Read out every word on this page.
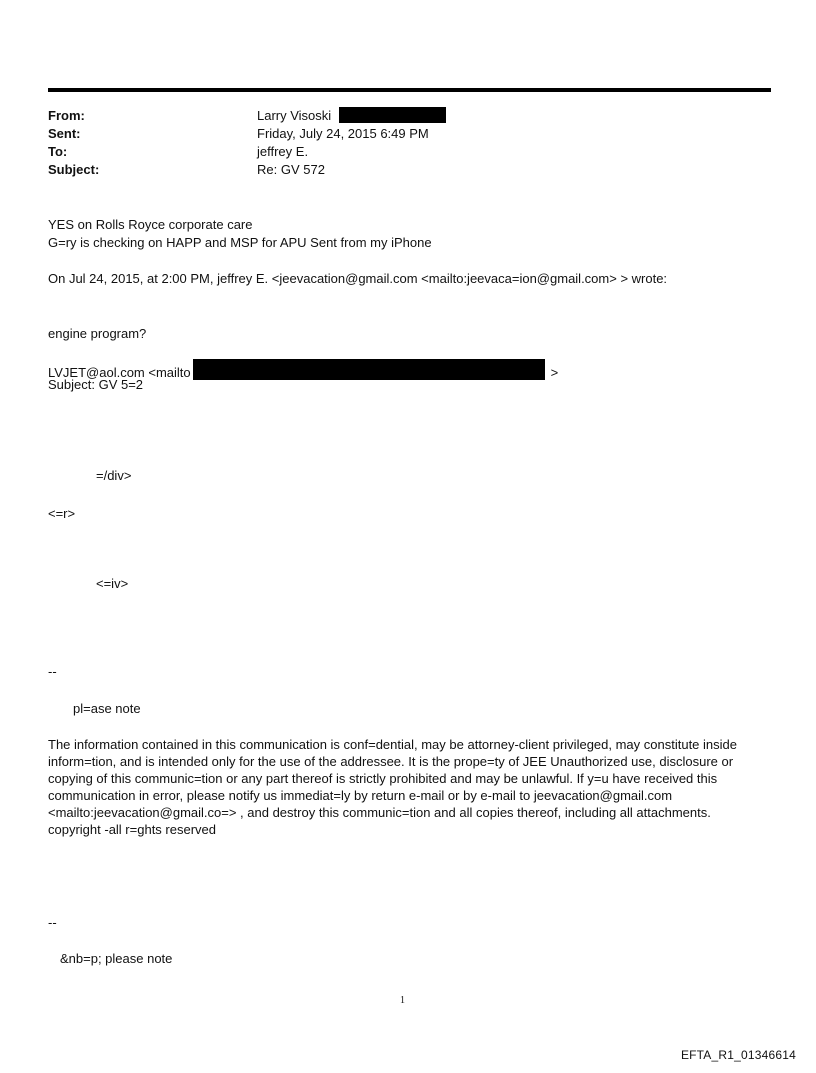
From:	Larry Visoski
Sent:	Friday, July 24, 2015 6:49 PM
To:	jeffrey E.
Subject:	Re: GV 572
YES on Rolls Royce corporate care
G=ry is checking on HAPP and MSP for APU Sent from my iPhone
On Jul 24, 2015, at 2:00 PM, jeffrey E. <jeevacation@gmail.com <mailto:jeevaca=ion@gmail.com> > wrote:
engine program?
LVJET@aol.com <mailto	>
Subject: GV 5=2
=/div>
<=r>
<=iv>
--
pl=ase note
The information contained in this communication is conf=dential, may be attorney-client privileged, may constitute inside inform=tion, and is intended only for the use of the addressee. It is the prope=ty of JEE Unauthorized use, disclosure or copying of this communic=tion or any part thereof is strictly prohibited and may be unlawful. If y=u have received this communication in error, please notify us immediat=ly by return e-mail or by e-mail to jeevacation@gmail.com <mailto:jeevacation@gmail.co=> , and destroy this communic=tion and all copies thereof, including all attachments. copyright -all r=ghts reserved
--
&nb=p; please note
1
EFTA_R1_01346614
